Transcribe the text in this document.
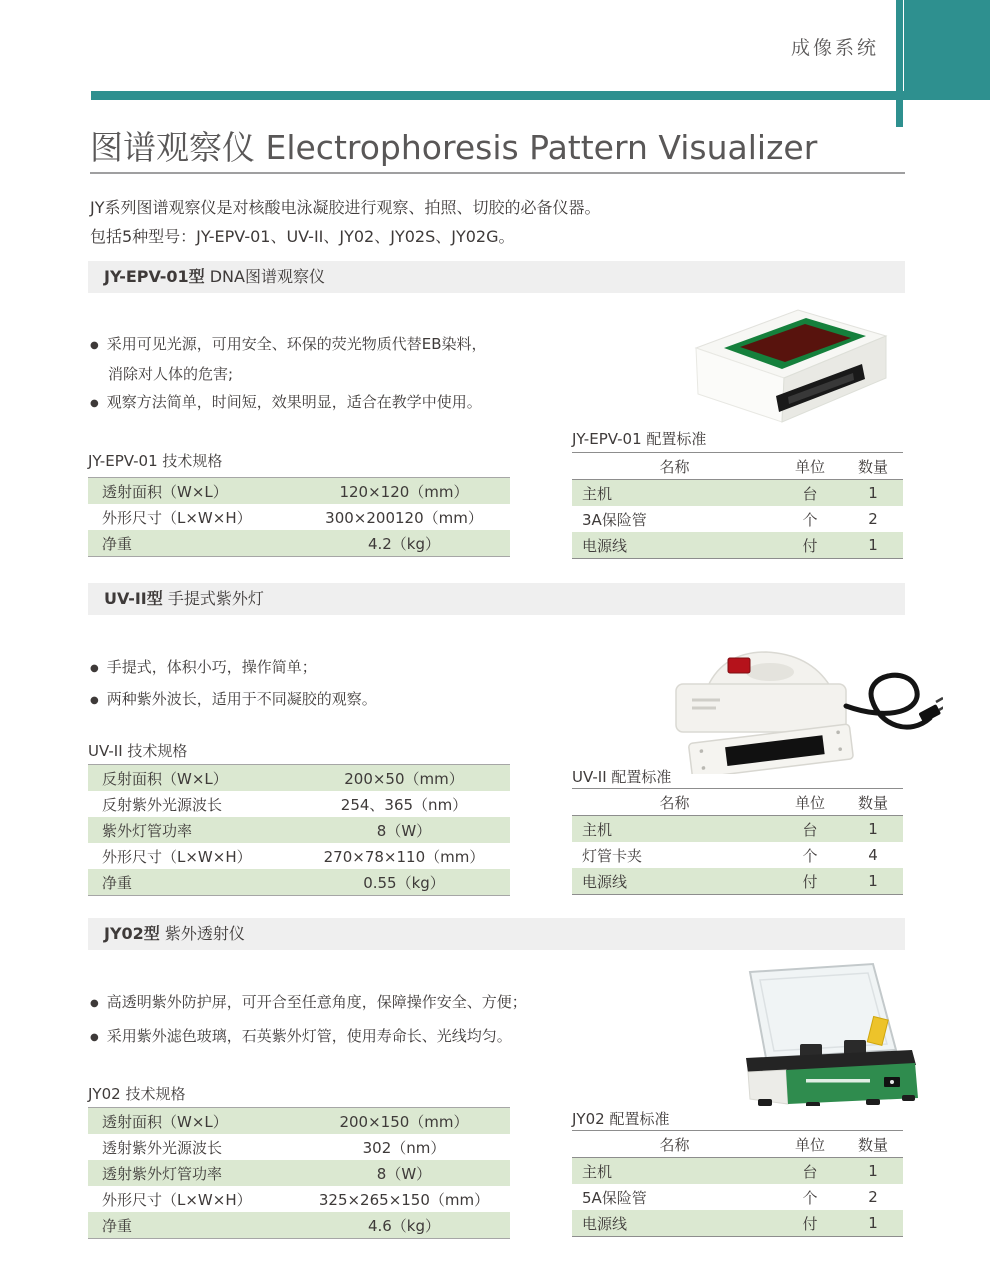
成像系统
图谱观察仪 Electrophoresis Pattern Visualizer
JY系列图谱观察仪是对核酸电泳凝胶进行观察、拍照、切胶的必备仪器。
包括5种型号：JY-EPV-01、UV-II、JY02、JY02S、JY02G。
JY-EPV-01型 DNA图谱观察仪
● 采用可见光源，可用安全、环保的荧光物质代替EB染料，
消除对人体的危害;
● 观察方法简单，时间短，效果明显，适合在教学中使用。
JY-EPV-01 技术规格
透射面积（W×L）	120×120（mm）
外形尺寸（L×W×H）	300×200120（mm）
净重	4.2（kg）
JY-EPV-01 配置标准
名称	单位	数量
主机	台	1
3A保险管	个	2
电源线	付	1
UV-II型 手提式紫外灯
● 手提式，体积小巧，操作简单；
● 两种紫外波长，适用于不同凝胶的观察。
UV-II 技术规格
反射面积（W×L）	200×50（mm）
反射紫外光源波长	254、365（nm）
紫外灯管功率	8（W）
外形尺寸（L×W×H）	270×78×110（mm）
净重	0.55（kg）
UV-II 配置标准
名称	单位	数量
主机	台	1
灯管卡夹	个	4
电源线	付	1
JY02型 紫外透射仪
● 高透明紫外防护屏，可开合至任意角度，保障操作安全、方便；
● 采用紫外滤色玻璃，石英紫外灯管，使用寿命长、光线均匀。
JY02 技术规格
透射面积（W×L）	200×150（mm）
透射紫外光源波长	302（nm）
透射紫外灯管功率	8（W）
外形尺寸（L×W×H）	325×265×150（mm）
净重	4.6（kg）
JY02 配置标准
名称	单位	数量
主机	台	1
5A保险管	个	2
电源线	付	1
